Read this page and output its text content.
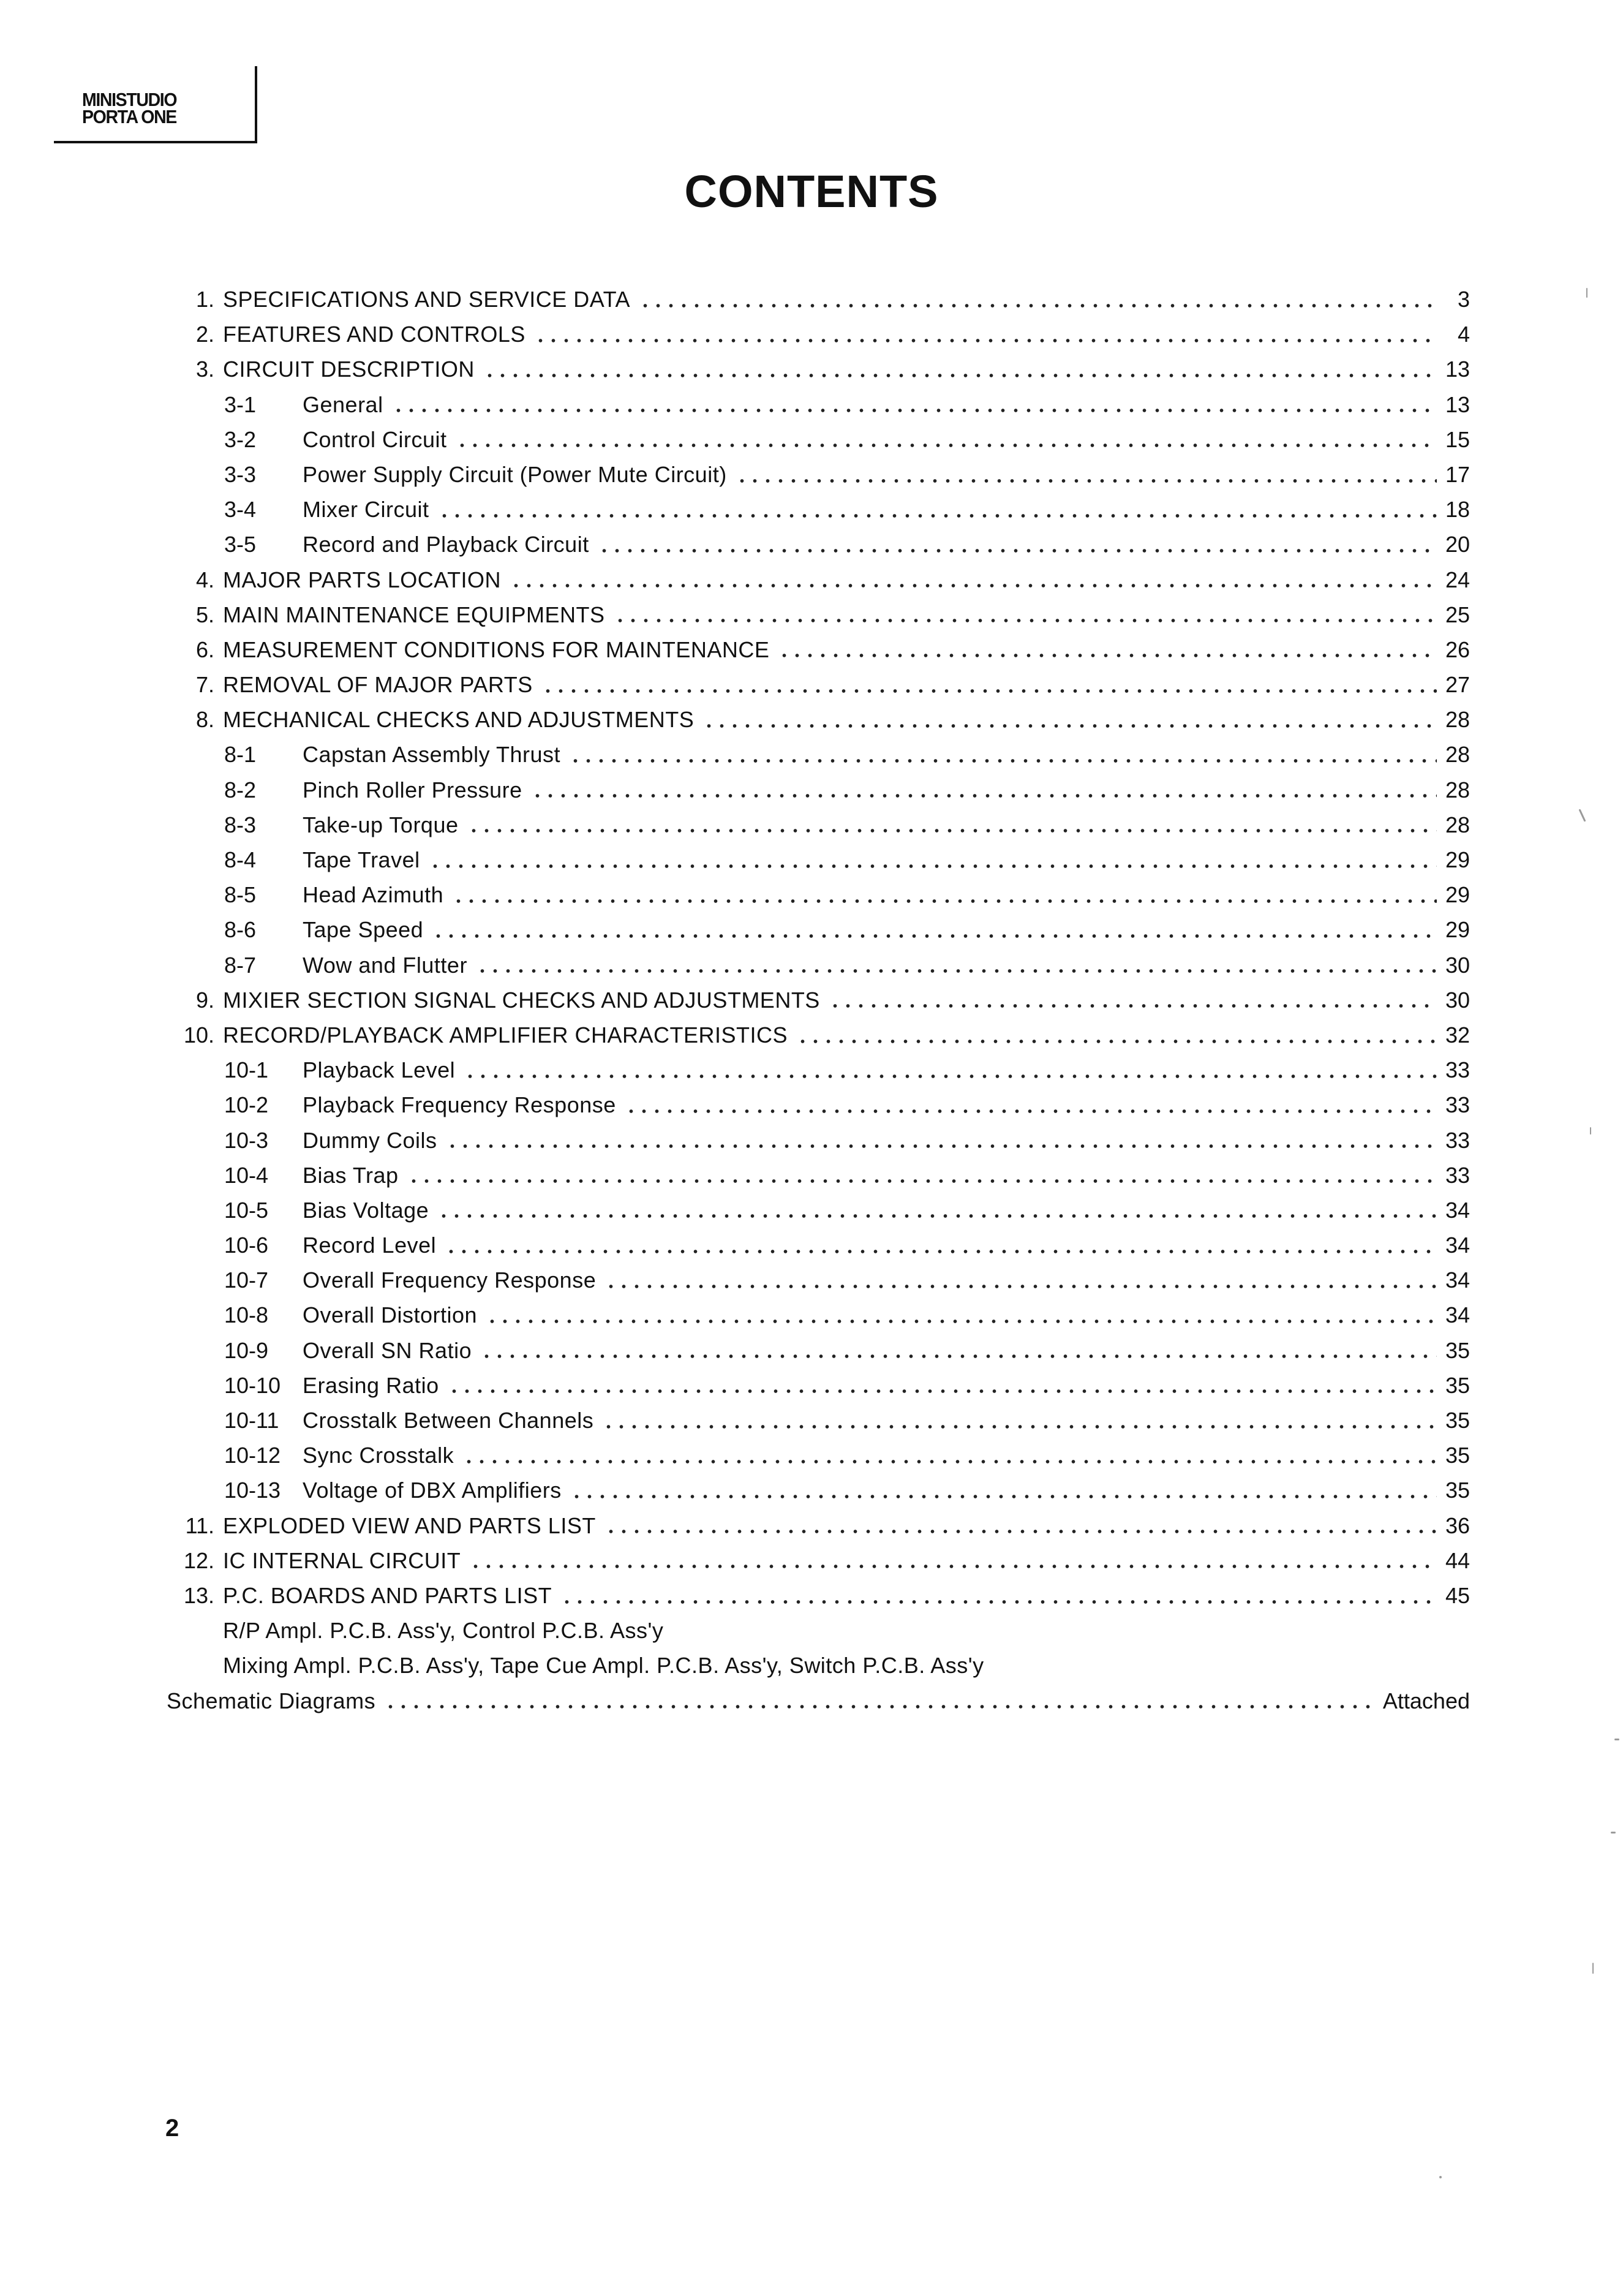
MINISTUDIO
PORTA ONE
CONTENTS
1. SPECIFICATIONS AND SERVICE DATA	3
2. FEATURES AND CONTROLS	4
3. CIRCUIT DESCRIPTION	13
3-1	General	13
3-2	Control Circuit	15
3-3	Power Supply Circuit (Power Mute Circuit)	17
3-4	Mixer Circuit	18
3-5	Record and Playback Circuit	20
4. MAJOR PARTS LOCATION	24
5. MAIN MAINTENANCE EQUIPMENTS	25
6. MEASUREMENT CONDITIONS FOR MAINTENANCE	26
7. REMOVAL OF MAJOR PARTS	27
8. MECHANICAL CHECKS AND ADJUSTMENTS	28
8-1	Capstan Assembly Thrust	28
8-2	Pinch Roller Pressure	28
8-3	Take-up Torque	28
8-4	Tape Travel	29
8-5	Head Azimuth	29
8-6	Tape Speed	29
8-7	Wow and Flutter	30
9. MIXIER SECTION SIGNAL CHECKS AND ADJUSTMENTS	30
10. RECORD/PLAYBACK AMPLIFIER CHARACTERISTICS	32
10-1	Playback Level	33
10-2	Playback Frequency Response	33
10-3	Dummy Coils	33
10-4	Bias Trap	33
10-5	Bias Voltage	34
10-6	Record Level	34
10-7	Overall Frequency Response	34
10-8	Overall Distortion	34
10-9	Overall SN Ratio	35
10-10 Erasing Ratio	35
10-11	Crosstalk Between Channels	35
10-12 Sync Crosstalk	35
10-13 Voltage of DBX Amplifiers	35
11. EXPLODED VIEW AND PARTS LIST	36
12. IC INTERNAL CIRCUIT	44
13. P.C. BOARDS AND PARTS LIST	45
R/P Ampl. P.C.B. Ass'y, Control P.C.B. Ass'y
Mixing Ampl. P.C.B. Ass'y, Tape Cue Ampl. P.C.B. Ass'y, Switch P.C.B. Ass'y
Schematic Diagrams	Attached
2
